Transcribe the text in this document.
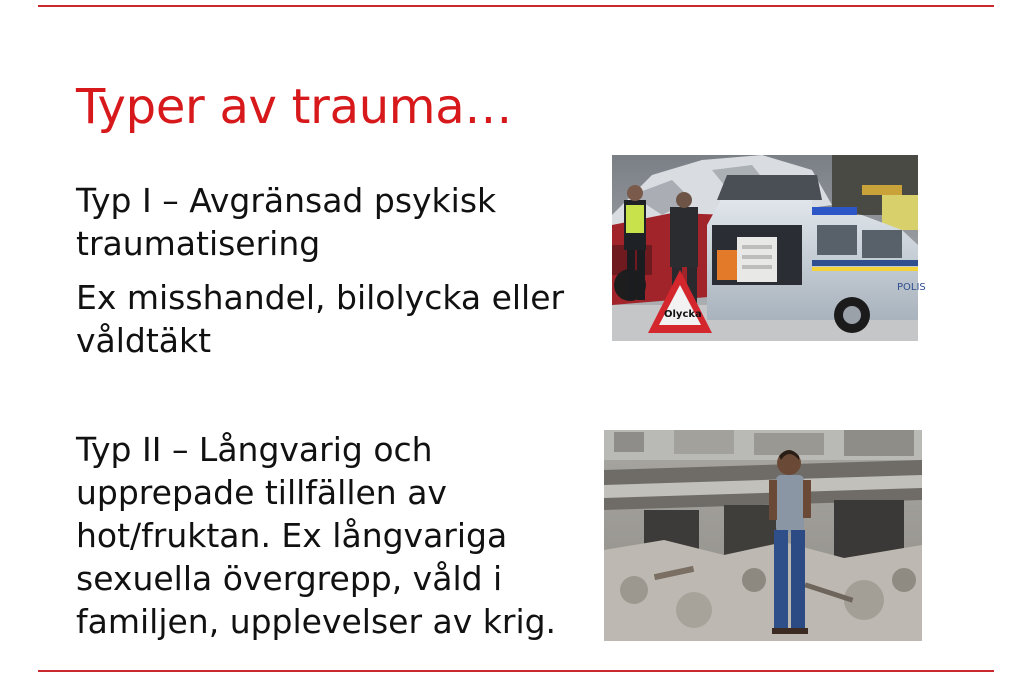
Typer av trauma…
Typ I – Avgränsad psykisk
traumatisering
Ex misshandel, bilolycka eller
våldtäkt
Typ II – Långvarig och
upprepade tillfällen av
hot/fruktan. Ex långvariga
sexuella övergrepp, våld i
familjen, upplevelser av krig.
POLIS
Olycka
